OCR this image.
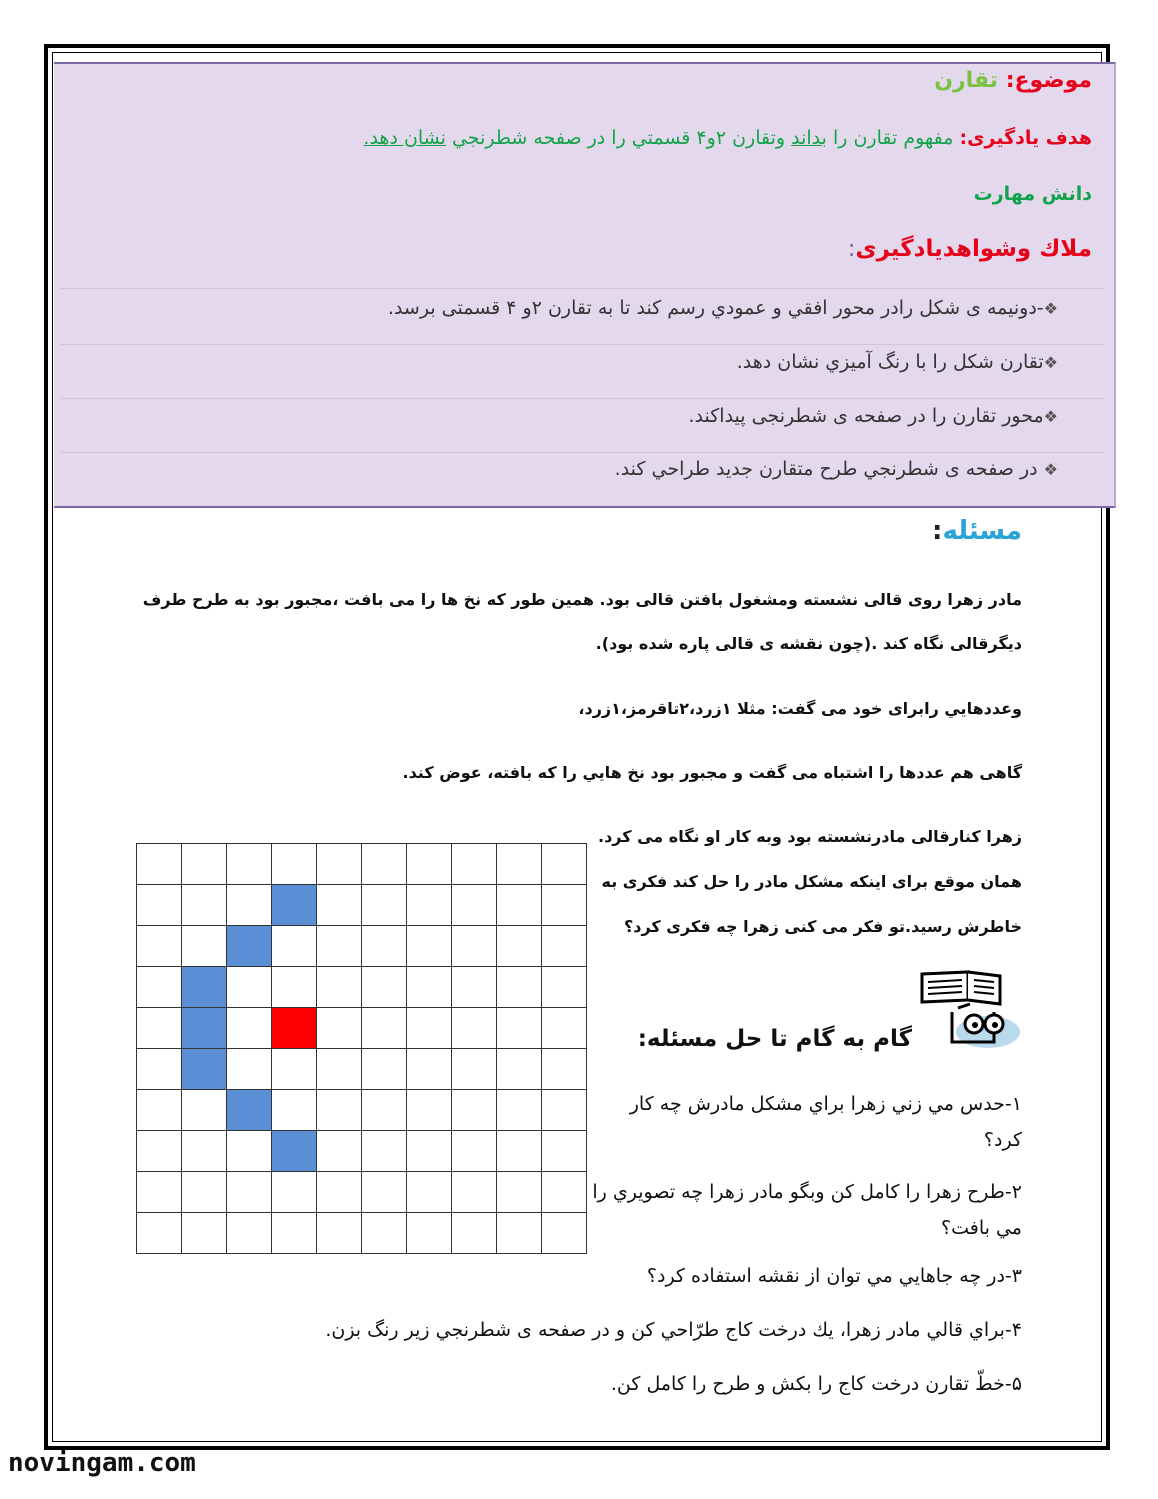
موضوع: تقارن
هدف يادگيری: مفهوم تقارن را بداند وتقارن ۲و۴ قسمتي را در صفحه شطرنجي نشان دهد.
دانش مهارت
ملاك وشواهديادگيری:
❖-دونيمه ی شكل رادر محور افقي و عمودي رسم كند تا به تقارن ۲و ۴ قسمتی برسد.
❖تقارن شكل را با رنگ آميزي نشان دهد.
❖محور تقارن را در صفحه ی شطرنجی پيداكند.
❖ در صفحه ی شطرنجي طرح متقارن جديد طراحي كند.
مسئله:
مادر زهرا روی قالی نشسته ومشغول بافتن قالی بود. همين طور كه نخ ها را می بافت ،مجبور بود به طرح طرف
ديگرقالی نگاه كند .(چون نقشه ی قالی پاره شده بود).
وعددهايي رابرای خود می گفت: مثلا ۱زرد،۲تاقرمز،۱زرد،
گاهی هم عددها را اشتباه می گفت و مجبور بود نخ هايي را كه بافته، عوض كند.
زهرا كنارقالی مادرنشسته بود وبه كار او نگاه می كرد.
همان موقع برای اينكه مشكل مادر را حل كند فكری به
خاطرش رسيد.تو فكر می كنی زهرا چه فكری كرد؟

گام به گام تا حل مسئله:
۱-حدس مي زني زهرا براي مشكل مادرش چه كار كرد؟
۲-طرح زهرا را كامل كن وبگو مادر زهرا چه تصويري را مي بافت؟
۳-در چه جاهايي مي توان از نقشه استفاده كرد؟
۴-براي قالي مادر زهرا، يك درخت كاج طرّاحي كن و در صفحه ی شطرنجي زير رنگ بزن.
۵-خطّ تقارن درخت كاج را بكش و طرح را كامل كن.
novingam.com
